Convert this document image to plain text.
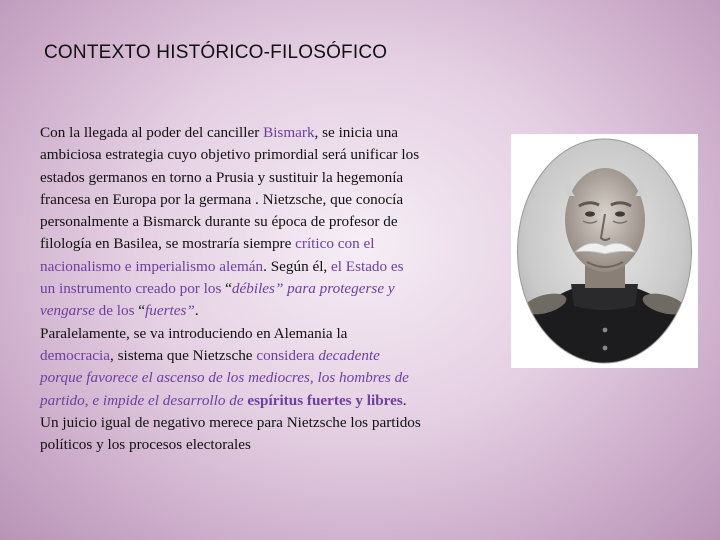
CONTEXTO HISTÓRICO-FILOSÓFICO
Con la llegada al poder del canciller Bismark, se inicia una
ambiciosa estrategia cuyo objetivo primordial será unificar los
estados germanos en torno a Prusia y sustituir la hegemonía
francesa en Europa por la germana . Nietzsche, que conocía
personalmente a Bismarck durante su época de profesor de
filología en Basilea, se mostraría siempre crítico con el
nacionalismo e imperialismo alemán. Según él, el Estado es
un instrumento creado por los “débiles” para protegerse y
vengarse de los “fuertes”.
Paralelamente, se va introduciendo en Alemania la
democracia, sistema que Nietzsche considera decadente
porque favorece el ascenso de los mediocres, los hombres de
partido, e impide el desarrollo de espíritus fuertes y libres.
Un juicio igual de negativo merece para Nietzsche los partidos
políticos y los procesos electorales
